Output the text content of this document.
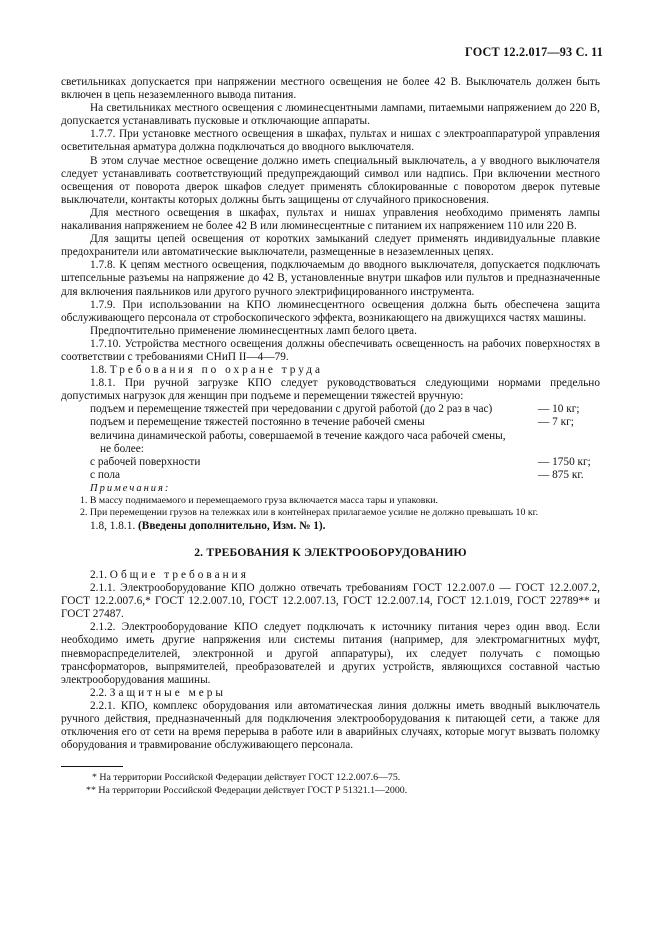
ГОСТ 12.2.017—93 С. 11

светильниках допускается при напряжении местного освещения не более 42 В. Выключатель должен быть включен в цепь незаземленного вывода питания.

На светильниках местного освещения с люминесцентными лампами, питаемыми напряжением до 220 В, допускается устанавливать пусковые и отключающие аппараты.

1.7.7. При установке местного освещения в шкафах, пультах и нишах с электроаппаратурой управления осветительная арматура должна подключаться до вводного выключателя.

В этом случае местное освещение должно иметь специальный выключатель, а у вводного выключателя следует устанавливать соответствующий предупреждающий символ или надпись. При включении местного освещения от поворота дверок шкафов следует применять сблокированные с поворотом дверок путевые выключатели, контакты которых должны быть защищены от случайного прикосновения.

Для местного освещения в шкафах, пультах и нишах управления необходимо применять лампы накаливания напряжением не более 42 В или люминесцентные с питанием их напряжением 110 или 220 В.

Для защиты цепей освещения от коротких замыканий следует применять индивидуальные плавкие предохранители или автоматические выключатели, размещенные в незаземленных цепях.

1.7.8. К цепям местного освещения, подключаемым до вводного выключателя, допускается подключать штепсельные разъемы на напряжение до 42 В, установленные внутри шкафов или пультов и предназначенные для включения паяльников или другого ручного электрифицированного инструмента.

1.7.9. При использовании на КПО люминесцентного освещения должна быть обеспечена защита обслуживающего персонала от стробоскопического эффекта, возникающего на движущихся частях машины.

Предпочтительно применение люминесцентных ламп белого цвета.

1.7.10. Устройства местного освещения должны обеспечивать освещенность на рабочих поверхностях в соответствии с требованиями СНиП II—4—79.

1.8. Требования по охране труда

1.8.1. При ручной загрузке КПО следует руководствоваться следующими нормами предельно допустимых нагрузок для женщин при подъеме и перемещении тяжестей вручную:

подъем и перемещение тяжестей при чередовании с другой работой (до 2 раз в час)	— 10 кг;
подъем и перемещение тяжестей постоянно в течение рабочей смены	— 7 кг;
величина динамической работы, совершаемой в течение каждого часа рабочей смены,
не более:
с рабочей поверхности	— 1750 кг;
с пола	— 875 кг.
Примечания:
1. В массу поднимаемого и перемещаемого груза включается масса тары и упаковки.
2. При перемещении грузов на тележках или в контейнерах прилагаемое усилие не должно превышать 10 кг.

1.8, 1.8.1. (Введены дополнительно, Изм. № 1).

2. ТРЕБОВАНИЯ К ЭЛЕКТРООБОРУДОВАНИЮ

2.1. Общие требования

2.1.1. Электрооборудование КПО должно отвечать требованиям ГОСТ 12.2.007.0 — ГОСТ 12.2.007.2, ГОСТ 12.2.007.6,* ГОСТ 12.2.007.10, ГОСТ 12.2.007.13, ГОСТ 12.2.007.14, ГОСТ 12.1.019, ГОСТ 22789** и ГОСТ 27487.

2.1.2. Электрооборудование КПО следует подключать к источнику питания через один ввод. Если необходимо иметь другие напряжения или системы питания (например, для электромагнитных муфт, пневмораспределителей, электронной и другой аппаратуры), их следует получать с помощью трансформаторов, выпрямителей, преобразователей и других устройств, являющихся составной частью электрооборудования машины.

2.2. Защитные меры

2.2.1. КПО, комплекс оборудования или автоматическая линия должны иметь вводный выключатель ручного действия, предназначенный для подключения электрооборудования к питающей сети, а также для отключения его от сети на время перерыва в работе или в аварийных случаях, которые могут вызвать поломку оборудования и травмирование обслуживающего персонала.

* На территории Российской Федерации действует ГОСТ 12.2.007.6—75.
** На территории Российской Федерации действует ГОСТ Р 51321.1—2000.
